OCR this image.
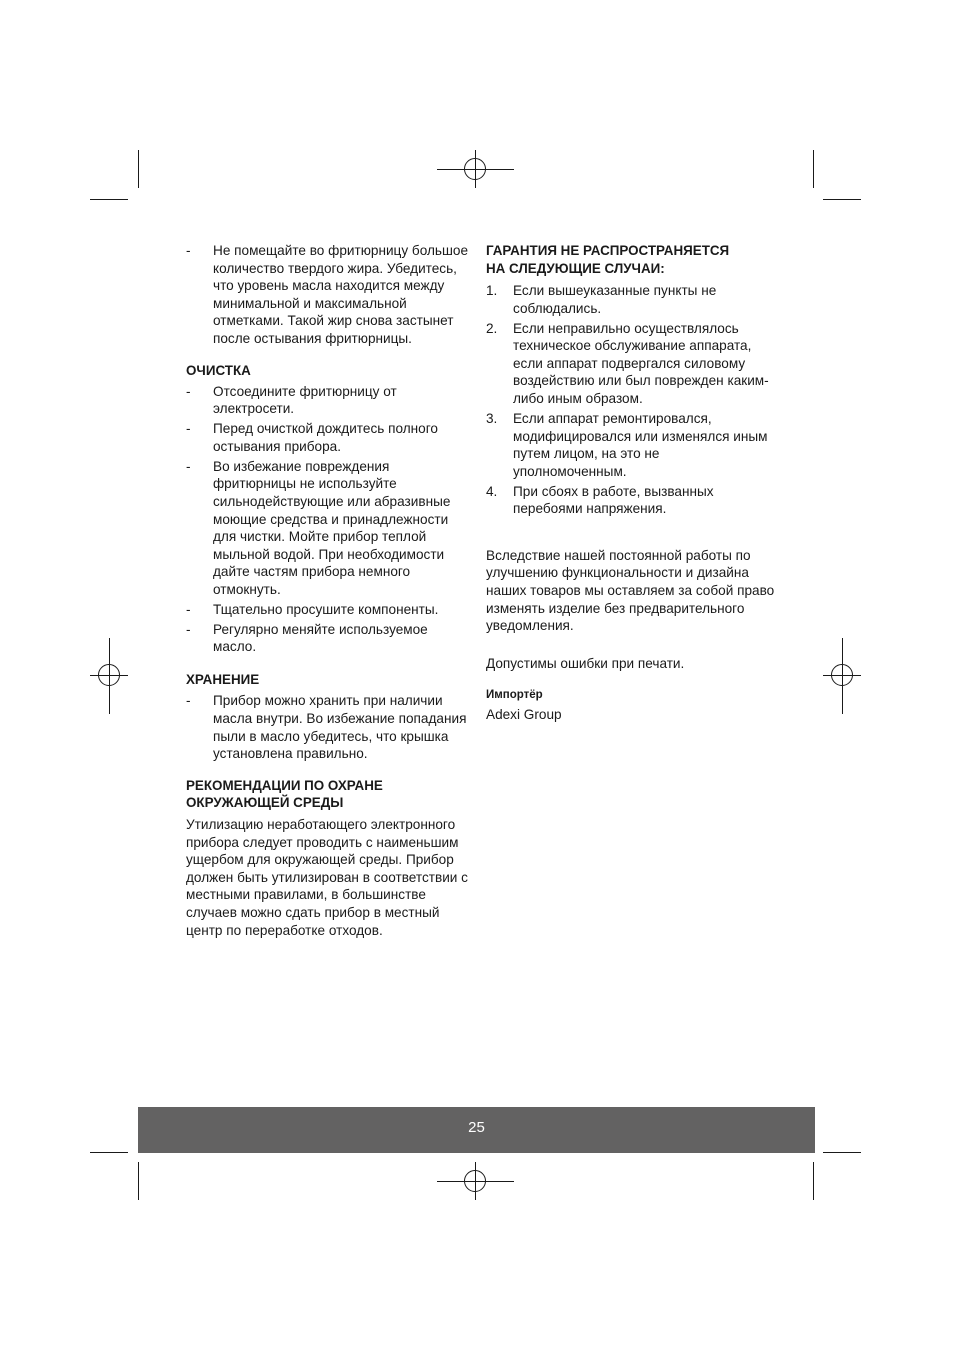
- Не помещайте во фритюрницу большое количество твердого жира. Убедитесь, что уровень масла находится между минимальной и максимальной отметками. Такой жир снова застынет после остывания фритюрницы.
ОЧИСТКА
- Отсоедините фритюрницу от электросети.
- Перед очисткой дождитесь полного остывания прибора.
- Во избежание повреждения фритюрницы не используйте сильнодействующие или абразивные моющие средства и принадлежности для чистки. Мойте прибор теплой мыльной водой. При необходимости дайте частям прибора немного отмокнуть.
- Тщательно просушите компоненты.
- Регулярно меняйте используемое масло.
ХРАНЕНИЕ
- Прибор можно хранить при наличии масла внутри. Во избежание попадания пыли в масло убедитесь, что крышка установлена правильно.
РЕКОМЕНДАЦИИ ПО ОХРАНЕ
ОКРУЖАЮЩЕЙ СРЕДЫ

Утилизацию неработающего электронного прибора следует проводить с наименьшим ущербом для окружающей среды. Прибор должен быть утилизирован в соответствии с местными правилами, в большинстве случаев можно сдать прибор в местный центр по переработке отходов.

ГАРАНТИЯ НЕ РАСПРОСТРАНЯЕТСЯ
НА СЛЕДУЮЩИЕ СЛУЧАИ:
1. Если вышеуказанные пункты не соблюдались.
2. Если неправильно осуществлялось техническое обслуживание аппарата, если аппарат подвергался силовому воздействию или был поврежден каким-либо иным образом.
3. Если аппарат ремонтировался, модифицировался или изменялся иным путем лицом, на это не уполномоченным.
4. При сбоях в работе, вызванных перебоями напряжения.

Вследствие нашей постоянной работы по улучшению функциональности и дизайна наших товаров мы оставляем за собой право изменять изделие без предварительного уведомления.

Допустимы ошибки при печати.

Импортёр

Adexi Group

25
